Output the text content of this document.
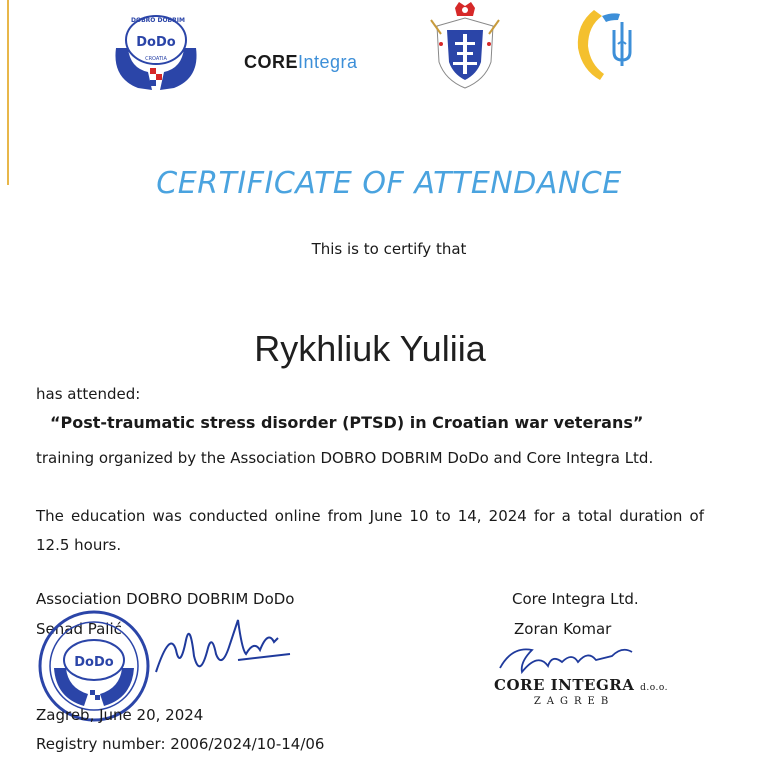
DoDo
DOBRO DOBRIM
CROATIA	COREIntegra
CERTIFICATE OF ATTENDANCE
This is to certify that
Rykhliuk Yuliia
has attended:
“Post-traumatic stress disorder (PTSD) in Croatian war veterans”
training organized by the Association DOBRO DOBRIM DoDo and Core Integra Ltd.
The education was conducted online from June 10 to 14, 2024 for a total duration of 12.5 hours.
Association DOBRO DOBRIM DoDo
Senad Palić
DoDo
Zagreb, June 20, 2024
Registry number: 2006/2024/10-14/06
Core Integra Ltd.
Zoran Komar
CORE INTEGRA d.o.o.
ZAGREB
